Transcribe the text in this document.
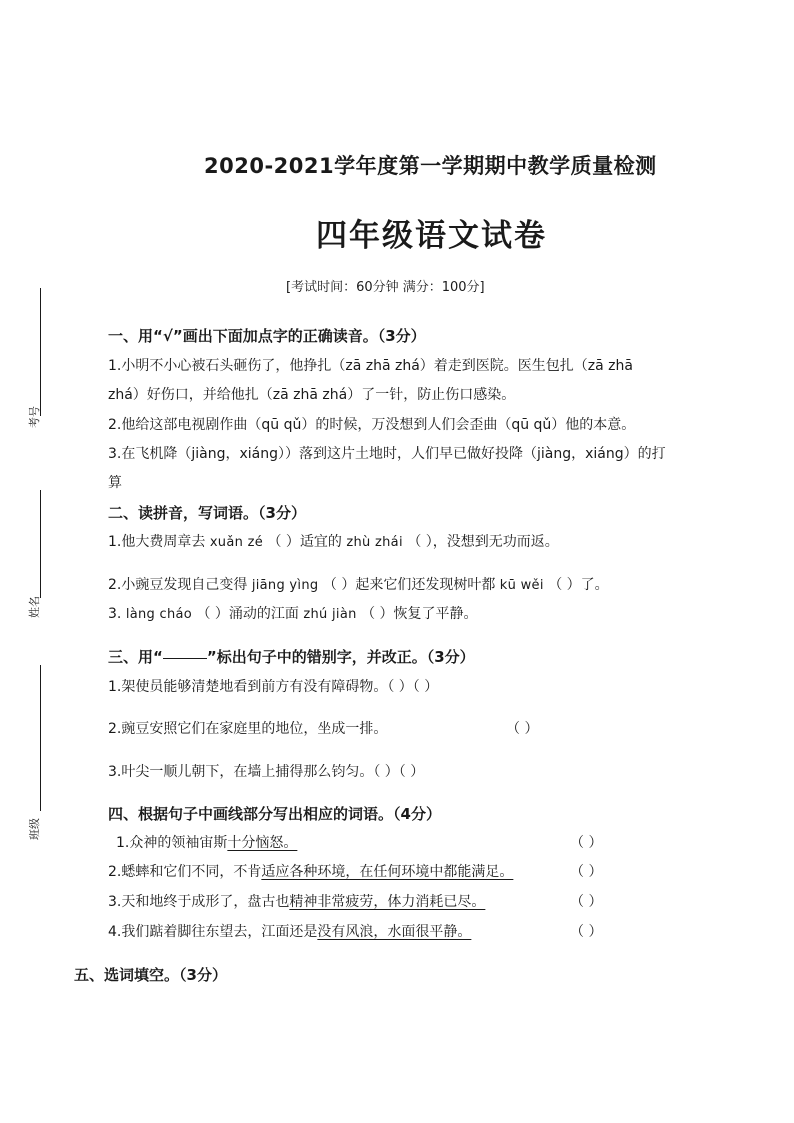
2020-2021学年度第一学期期中教学质量检测
四年级语文试卷
[考试时间：60分钟 满分：100分]
考号
姓名
班级
一、用“√”画出下面加点字的正确读音。（3分）
1.小明不小心被石头砸伤了，他挣扎（zā zhā zhá）着走到医院。医生包扎（zā zhā
zhá）好伤口，并给他扎（zā zhā zhá）了一针，防止伤口感染。
2.他给这部电视剧作曲（qū qǔ）的时候，万没想到人们会歪曲（qū qǔ）他的本意。
3.在飞机降（jiàng，xiáng））落到这片土地时，人们早已做好投降（jiàng，xiáng）的打
算
二、读拼音，写词语。（3分）
1.他大费周章去 xuǎn zé （ ）适宜的 zhù zhái （ ），没想到无功而返。
2.小豌豆发现自己变得 jiāng yìng （ ）起来它们还发现树叶都 kū wěi （ ）了。
3. làng cháo （ ）涌动的江面 zhú jiàn （ ）恢复了平静。
三、用“	”标出句子中的错别字，并改正。（3分）
1.架使员能够清楚地看到前方有没有障碍物。（ ）（ ）
2.豌豆安照它们在家庭里的地位，坐成一排。	（ ）
3.叶尖一顺儿朝下，在墙上捕得那么钧匀。（ ）（ ）
四、根据句子中画线部分写出相应的词语。（4分）
1.众神的领袖宙斯十分恼怒。	（ ）
2.蟋蟀和它们不同，不肯适应各种环境，在任何环境中都能满足。	（ ）
3.天和地终于成形了，盘古也精神非常疲劳，体力消耗已尽。	（ ）
4.我们踮着脚往东望去，江面还是没有风浪，水面很平静。	（ ）
五、选词填空。（3分）
